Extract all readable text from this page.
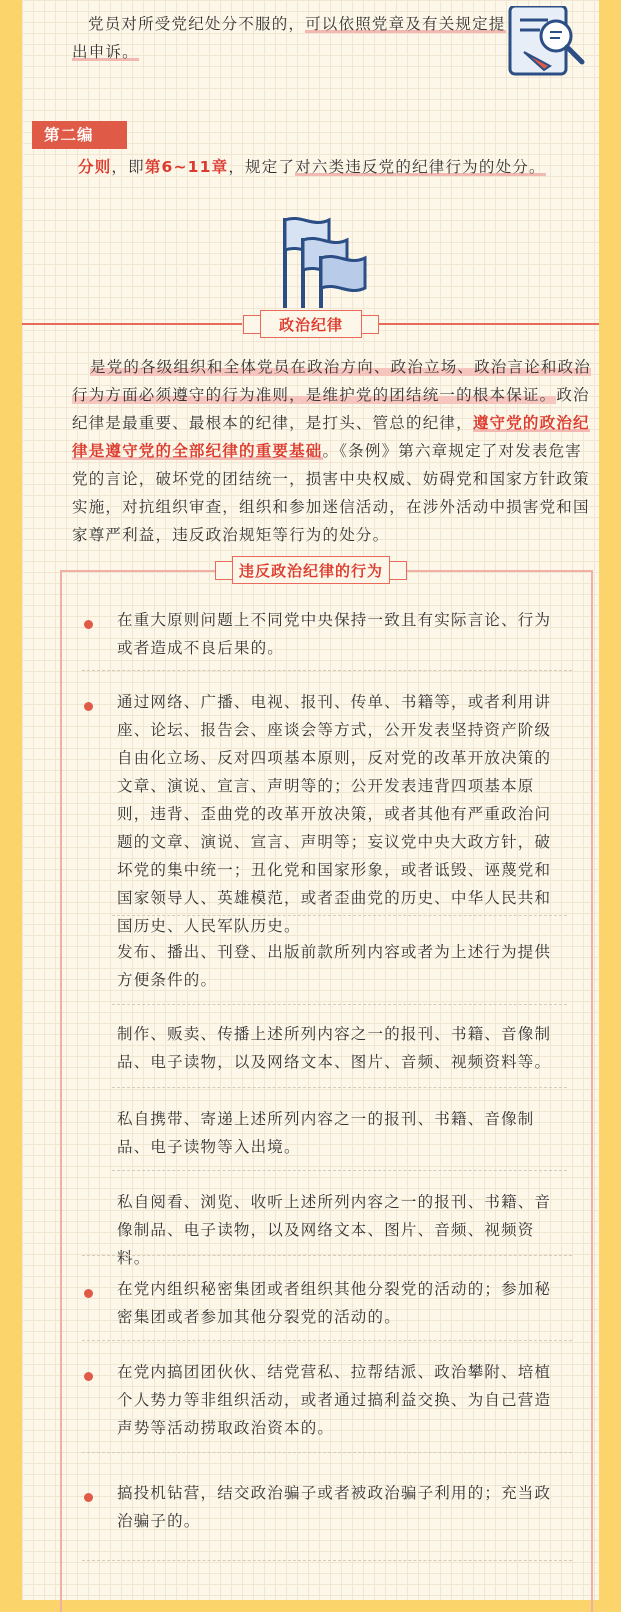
党员对所受党纪处分不服的，可以依照党章及有关规定提出申诉。
第二编
分则，即第6~11章，规定了对六类违反党的纪律行为的处分。
政治纪律
是党的各级组织和全体党员在政治方向、政治立场、政治言论和政治行为方面必须遵守的行为准则，是维护党的团结统一的根本保证。政治纪律是最重要、最根本的纪律，是打头、管总的纪律，遵守党的政治纪律是遵守党的全部纪律的重要基础。《条例》第六章规定了对发表危害党的言论，破坏党的团结统一，损害中央权威、妨碍党和国家方针政策实施，对抗组织审查，组织和参加迷信活动，在涉外活动中损害党和国家尊严利益，违反政治规矩等行为的处分。
违反政治纪律的行为
在重大原则问题上不同党中央保持一致且有实际言论、行为或者造成不良后果的。
通过网络、广播、电视、报刊、传单、书籍等，或者利用讲座、论坛、报告会、座谈会等方式，公开发表坚持资产阶级自由化立场、反对四项基本原则，反对党的改革开放决策的文章、演说、宣言、声明等的；公开发表违背四项基本原则，违背、歪曲党的改革开放决策，或者其他有严重政治问题的文章、演说、宣言、声明等；妄议党中央大政方针，破坏党的集中统一；丑化党和国家形象，或者诋毁、诬蔑党和国家领导人、英雄模范，或者歪曲党的历史、中华人民共和国历史、人民军队历史。
发布、播出、刊登、出版前款所列内容或者为上述行为提供方便条件的。
制作、贩卖、传播上述所列内容之一的报刊、书籍、音像制品、电子读物，以及网络文本、图片、音频、视频资料等。
私自携带、寄递上述所列内容之一的报刊、书籍、音像制品、电子读物等入出境。
私自阅看、浏览、收听上述所列内容之一的报刊、书籍、音像制品、电子读物，以及网络文本、图片、音频、视频资料。
在党内组织秘密集团或者组织其他分裂党的活动的；参加秘密集团或者参加其他分裂党的活动的。
在党内搞团团伙伙、结党营私、拉帮结派、政治攀附、培植个人势力等非组织活动，或者通过搞利益交换、为自己营造声势等活动捞取政治资本的。
搞投机钻营，结交政治骗子或者被政治骗子利用的；充当政治骗子的。
